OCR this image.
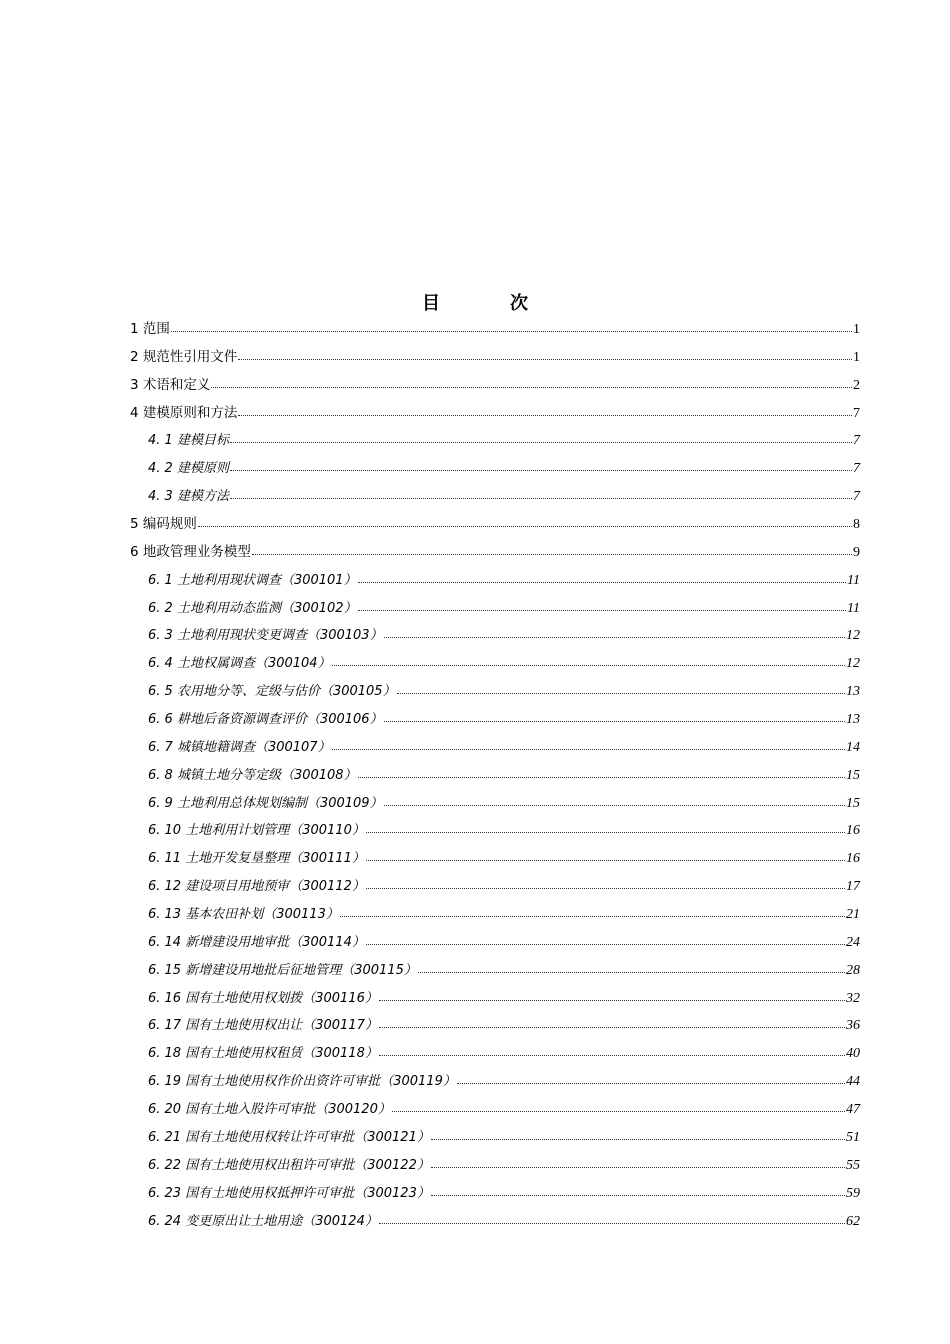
目　次
1 范围	1
2 规范性引用文件	1
3 术语和定义	2
4 建模原则和方法	7
4. 1 建模目标	7
4. 2 建模原则	7
4. 3 建模方法	7
5 编码规则	8
6 地政管理业务模型	9
6. 1 土地利用现状调查（300101）	11
6. 2 土地利用动态监测（300102）	11
6. 3 土地利用现状变更调查（300103）	12
6. 4 土地权属调查（300104）	12
6. 5 农用地分等、定级与估价（300105）	13
6. 6 耕地后备资源调查评价（300106）	13
6. 7 城镇地籍调查（300107）	14
6. 8 城镇土地分等定级（300108）	15
6. 9 土地利用总体规划编制（300109）	15
6. 10 土地利用计划管理（300110）	16
6. 11 土地开发复垦整理（300111）	16
6. 12 建设项目用地预审（300112）	17
6. 13 基本农田补划（300113）	21
6. 14 新增建设用地审批（300114）	24
6. 15 新增建设用地批后征地管理（300115）	28
6. 16 国有土地使用权划拨（300116）	32
6. 17 国有土地使用权出让（300117）	36
6. 18 国有土地使用权租赁（300118）	40
6. 19 国有土地使用权作价出资许可审批（300119）	44
6. 20 国有土地入股许可审批（300120）	47
6. 21 国有土地使用权转让许可审批（300121）	51
6. 22 国有土地使用权出租许可审批（300122）	55
6. 23 国有土地使用权抵押许可审批（300123）	59
6. 24 变更原出让土地用途（300124）	62
